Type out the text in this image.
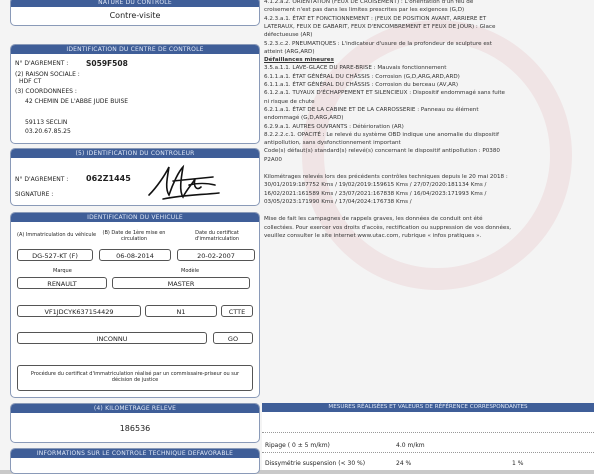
NATURE DU CONTROLE
Contre-visite
IDENTIFICATION DU CENTRE DE CONTROLE
N° D'AGREMENT : S059F508
(2) RAISON SOCIALE :
HDF CT
(3) COORDONNEES :
42 CHEMIN DE L'ABBE JUDE BUISE
59113 SECLIN
03.20.67.85.25
(5) IDENTIFICATION DU CONTROLEUR
N° D'AGREMENT : 062Z1445
SIGNATURE :
IDENTIFICATION DU VEHICULE
(A) Immatriculation du véhicule	(B) Date de 1ère mise en circulation
Date du certificat d'immatriculation
DG-527-KT (F)	06-08-2014	20-02-2007
Marque	Modèle
RENAULT	MASTER
VF1JDCYK637154429	N1	CTTE
INCONNU	GO
Procédure du certificat d'immatriculation réalisé par un commissaire-priseur ou sur décision de justice
(4) KILOMETRAGE RELEVE
186536
INFORMATIONS SUR LE CONTROLE TECHNIQUE DEFAVORABLE
4.1.2.a.2. ORIENTATION (FEUX DE CROISEMENT) : L'orientation d'un feu de
croisement n'est pas dans les limites prescrites par les exigences (G,D)
4.2.3.a.1. ÉTAT ET FONCTIONNEMENT : (FEUX DE POSITION AVANT, ARRIERE ET
LATERAUX, FEUX DE GABARIT, FEUX D'ENCOMBREMENT ET FEUX DE JOUR) : Glace
défectueuse (AR)
5.2.3.c.2. PNEUMATIQUES : L'indicateur d'usure de la profondeur de sculpture est
atteint (ARG,ARD)
Défaillances mineures
3.5.a.1.1. LAVE-GLACE DU PARE-BRISE : Mauvais fonctionnement
6.1.1.a.1. ÉTAT GÉNÉRAL DU CHÂSSIS : Corrosion (G,D,ARG,ARD,ARD)
6.1.1.a.1. ÉTAT GÉNÉRAL DU CHÂSSIS : Corrosion du berceau (AV,AR)
6.1.2.a.1. TUYAUX D'ÉCHAPPEMENT ET SILENCIEUX : Dispositif endommagé sans fuite
ni risque de chute
6.2.1.a.1. ÉTAT DE LA CABINE ET DE LA CARROSSERIE : Panneau ou élément
endommagé (G,D,ARG,ARD)
6.2.9.a.1. AUTRES OUVRANTS : Détérioration (AR)
8.2.2.2.c.1. OPACITÉ : Le relevé du système OBD indique une anomalie du dispositif
antipollution, sans dysfonctionnement important
Code(s) défaut(s) standard(s) relevé(s) concernant le dispositif antipollution : P0380
P2A00
Kilométrages relevés lors des précédents contrôles techniques depuis le 20 mai 2018 :
30/01/2019:187752 Kms / 19/02/2019:159615 Kms / 27/07/2020:181134 Kms /
16/02/2021:161589 Kms / 23/07/2021:167838 Kms / 16/04/2023:171993 Kms /
03/05/2023:171990 Kms / 17/04/2024:176738 Kms /
Mise de fait les campagnes de rappels graves, les données de conduit ont été
collectées. Pour exercer vos droits d'accès, rectification ou suppression de vos données,
veuillez consulter le site internet www.utac.com, rubrique « infos pratiques ».
MESURES RÉALISÉES ET VALEURS DE RÉFÉRENCE CORRESPONDANTES
Ripage ( 0 ± 5 m/km)	4.0 m/km
Dissymétrie suspension (< 30 %)	24 %	1 %
